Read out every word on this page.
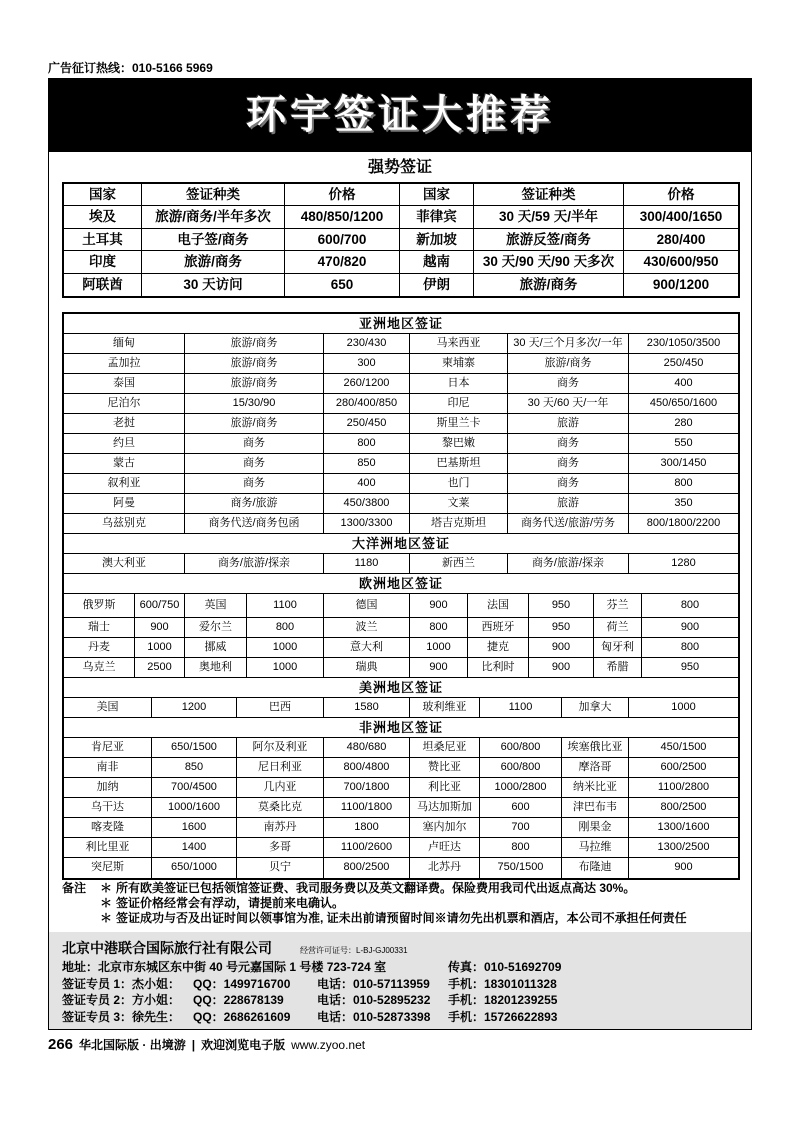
广告征订热线：010-5166 5969
环宇签证大推荐
强势签证
国家	签证种类	价格	国家	签证种类	价格
埃及	旅游/商务/半年多次	480/850/1200	菲律宾	30 天/59 天/半年	300/400/1650
土耳其	电子签/商务	600/700	新加坡	旅游反签/商务	280/400
印度	旅游/商务	470/820	越南	30 天/90 天/90 天多次	430/600/950
阿联酋	30 天访问	650	伊朗	旅游/商务	900/1200
亚洲地区签证
缅甸	旅游/商务	230/430	马来西亚	30 天/三个月多次/一年	230/1050/3500
孟加拉	旅游/商务	300	柬埔寨	旅游/商务	250/450
泰国	旅游/商务	260/1200	日本	商务	400
尼泊尔	15/30/90	280/400/850	印尼	30 天/60 天/一年	450/650/1600
老挝	旅游/商务	250/450	斯里兰卡	旅游	280
约旦	商务	800	黎巴嫩	商务	550
蒙古	商务	850	巴基斯坦	商务	300/1450
叙利亚	商务	400	也门	商务	800
阿曼	商务/旅游	450/3800	文莱	旅游	350
乌兹别克	商务代送/商务包函	1300/3300	塔吉克斯坦	商务代送/旅游/劳务	800/1800/2200
大洋洲地区签证
澳大利亚	商务/旅游/探亲	1180	新西兰	商务/旅游/探亲	1280
欧洲地区签证
俄罗斯	600/750	英国	1100	德国	900	法国	950	芬兰	800
瑞士	900	爱尔兰	800	波兰	800	西班牙	950	荷兰	900
丹麦	1000	挪威	1000	意大利	1000	捷克	900	匈牙利	800
乌克兰	2500	奥地利	1000	瑞典	900	比利时	900	希腊	950
美洲地区签证
美国	1200	巴西	1580	玻利维亚	1100	加拿大	1000
非洲地区签证
肯尼亚	650/1500	阿尔及利亚	480/680	坦桑尼亚	600/800	埃塞俄比亚	450/1500
南非	850	尼日利亚	800/4800	赞比亚	600/800	摩洛哥	600/2500
加纳	700/4500	几内亚	700/1800	利比亚	1000/2800	纳米比亚	1100/2800
乌干达	1000/1600	莫桑比克	1100/1800	马达加斯加	600	津巴布韦	800/2500
喀麦隆	1600	南苏丹	1800	塞内加尔	700	刚果金	1300/1600
利比里亚	1400	多哥	1100/2600	卢旺达	800	马拉维	1300/2500
突尼斯	650/1000	贝宁	800/2500	北苏丹	750/1500	布隆迪	900
备注	＊ 所有欧美签证已包括领馆签证费、我司服务费以及英文翻译费。保险费用我司代出返点高达 30%。
＊ 签证价格经常会有浮动，请提前来电确认。
＊ 签证成功与否及出证时间以领事馆为准, 证未出前请预留时间※请勿先出机票和酒店，本公司不承担任何责任
北京中港联合国际旅行社有限公司	经营许可证号：L-BJ-GJ00331
地址：北京市东城区东中街 40 号元嘉国际 1 号楼 723-724 室	传真：010-51692709
签证专员 1：杰小姐：	QQ：1499716700	电话：010-57113959	手机：18301011328
签证专员 2：方小姐：	QQ：228678139	电话：010-52895232	手机：18201239255
签证专员 3：徐先生：	QQ：2686261609	电话：010-52873398	手机：15726622893
266 华北国际版 · 出境游 | 欢迎浏览电子版 www.zyoo.net
